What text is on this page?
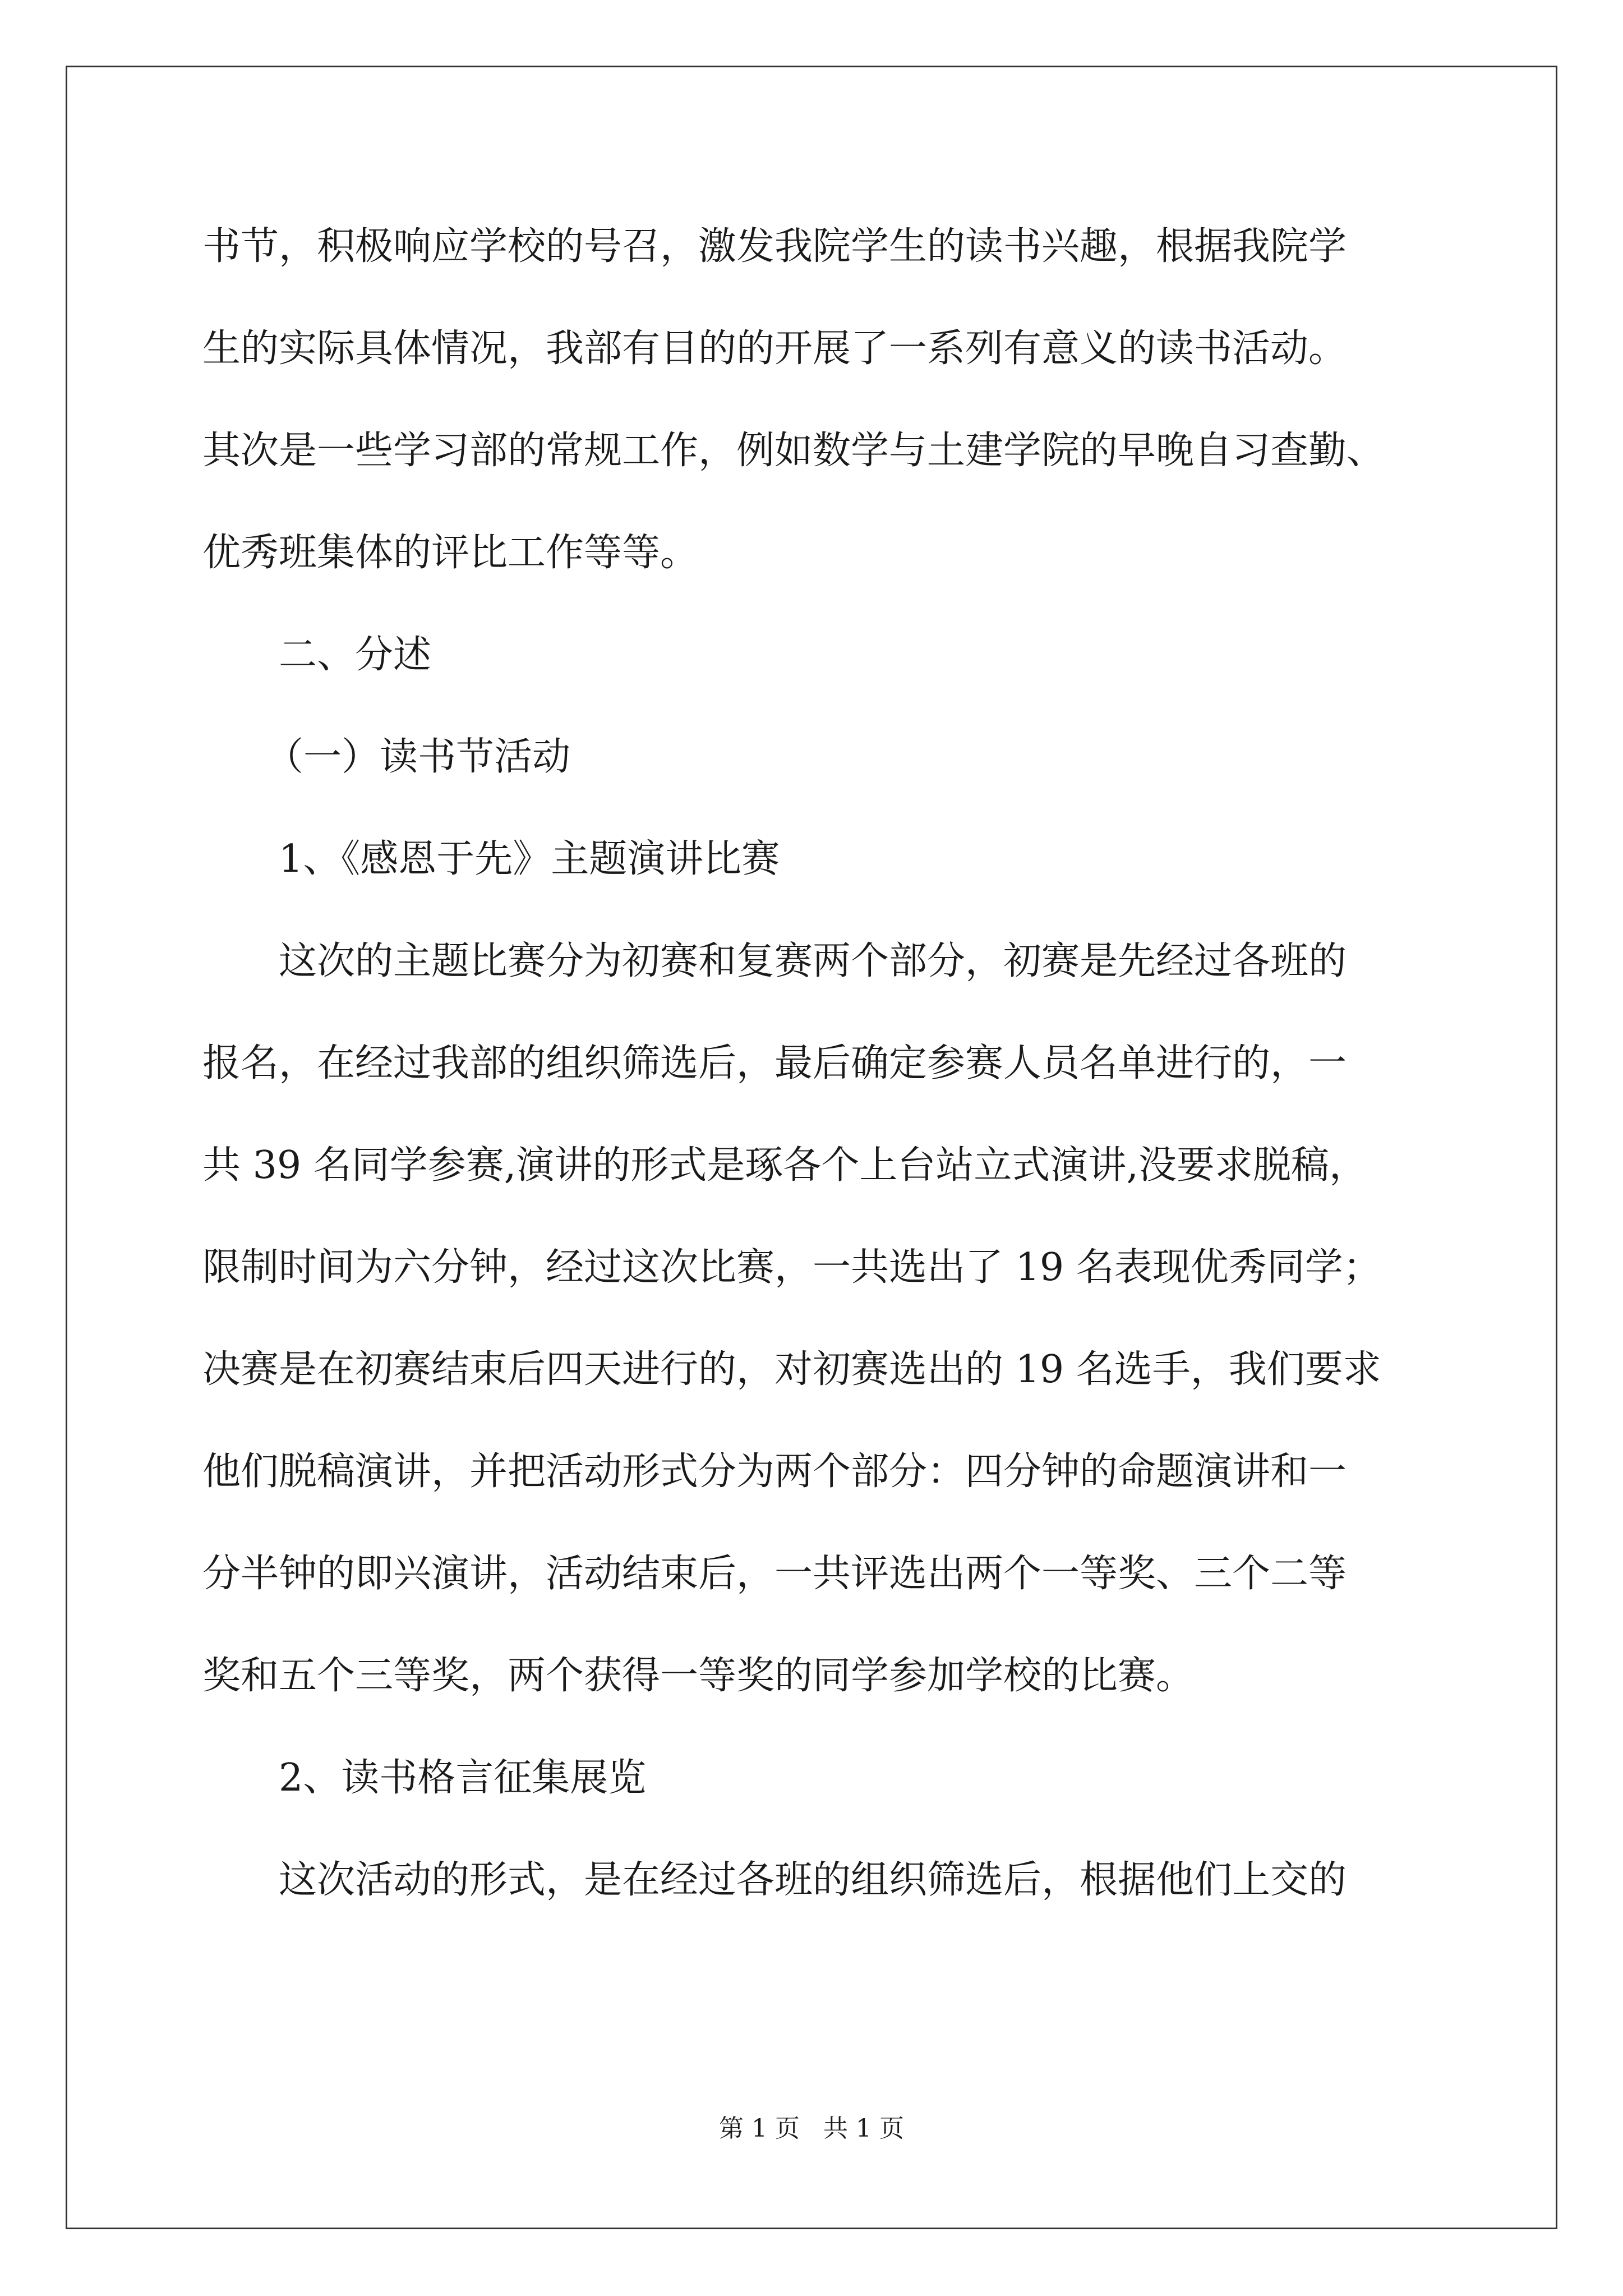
书节，积极响应学校的号召，激发我院学生的读书兴趣，根据我院学
生的实际具体情况，我部有目的的开展了一系列有意义的读书活动。
其次是一些学习部的常规工作，例如数学与土建学院的早晚自习查勤、
优秀班集体的评比工作等等。
二、分述
（一）读书节活动
1、《感恩于先》主题演讲比赛
这次的主题比赛分为初赛和复赛两个部分，初赛是先经过各班的
报名，在经过我部的组织筛选后，最后确定参赛人员名单进行的，一
共 39 名同学参赛,演讲的形式是琢各个上台站立式演讲,没要求脱稿，
限制时间为六分钟，经过这次比赛，一共选出了 19 名表现优秀同学；
决赛是在初赛结束后四天进行的，对初赛选出的 19 名选手，我们要求
他们脱稿演讲，并把活动形式分为两个部分：四分钟的命题演讲和一
分半钟的即兴演讲，活动结束后，一共评选出两个一等奖、三个二等
奖和五个三等奖，两个获得一等奖的同学参加学校的比赛。
2、读书格言征集展览
这次活动的形式，是在经过各班的组织筛选后，根据他们上交的
第 1 页   共 1 页
